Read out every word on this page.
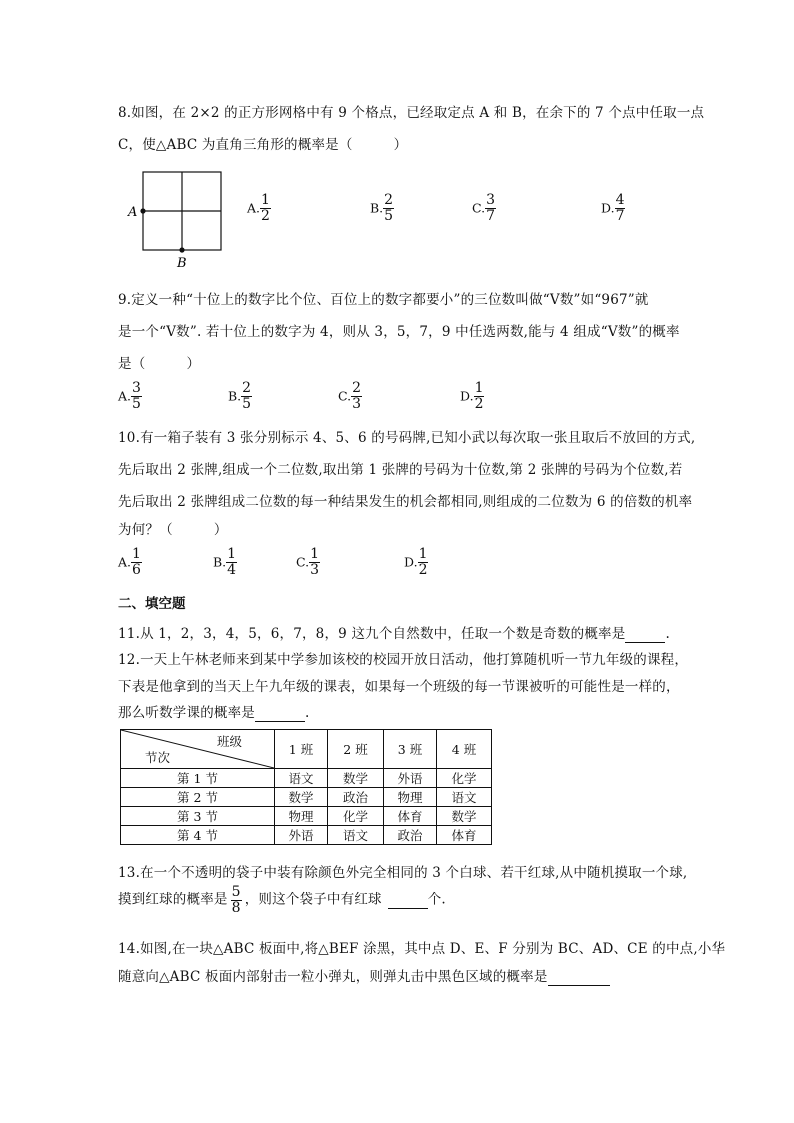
8.如图，在 2×2 的正方形网格中有 9 个格点，已经取定点 A 和 B，在余下的 7 个点中任取一点
C，使△ABC 为直角三角形的概率是（　　　）
A
B
A. $\frac{1}{2}$	B. $\frac{2}{5}$	C. $\frac{3}{7}$	D. $\frac{4}{7}$
9.定义一种“十位上的数字比个位、百位上的数字都要小”的三位数叫做“V数”如“967”就
是一个“V数”. 若十位上的数字为 4，则从 3，5，7，9 中任选两数,能与 4 组成“V数”的概率
是（　　　）
A. $\frac{3}{5}$	B. $\frac{2}{5}$	C. $\frac{2}{3}$	D. $\frac{1}{2}$
10.有一箱子装有 3 张分别标示 4、5、6 的号码牌,已知小武以每次取一张且取后不放回的方式,
先后取出 2 张牌,组成一个二位数,取出第 1 张牌的号码为十位数,第 2 张牌的号码为个位数,若
先后取出 2 张牌组成二位数的每一种结果发生的机会都相同,则组成的二位数为 6 的倍数的机率
为何？（　　　）
A. $\frac{1}{6}$	B. $\frac{1}{4}$	C. $\frac{1}{3}$	D. $\frac{1}{2}$
二、填空题
11.从 1，2，3，4，5，6，7，8，9 这九个自然数中，任取一个数是奇数的概率是	.
12.一天上午林老师来到某中学参加该校的校园开放日活动，他打算随机听一节九年级的课程，
下表是他拿到的当天上午九年级的课表，如果每一个班级的每一节课被听的可能性是一样的，
那么听数学课的概率是	.
班级
节次	1 班	2 班	3 班	4 班
第 1 节	语文	数学	外语	化学
第 2 节	数学	政治	物理	语文
第 3 节	物理	化学	体育	数学
第 4 节	外语	语文	政治	体育
13.在一个不透明的袋子中装有除颜色外完全相同的 3 个白球、若干红球,从中随机摸取一个球,
摸到红球的概率是 $\frac{5}{8}$ ，则这个袋子中有红球	个.
14.如图,在一块△ABC 板面中,将△BEF 涂黑，其中点 D、E、F 分别为 BC、AD、CE 的中点,小华
随意向△ABC 板面内部射击一粒小弹丸，则弹丸击中黑色区域的概率是
